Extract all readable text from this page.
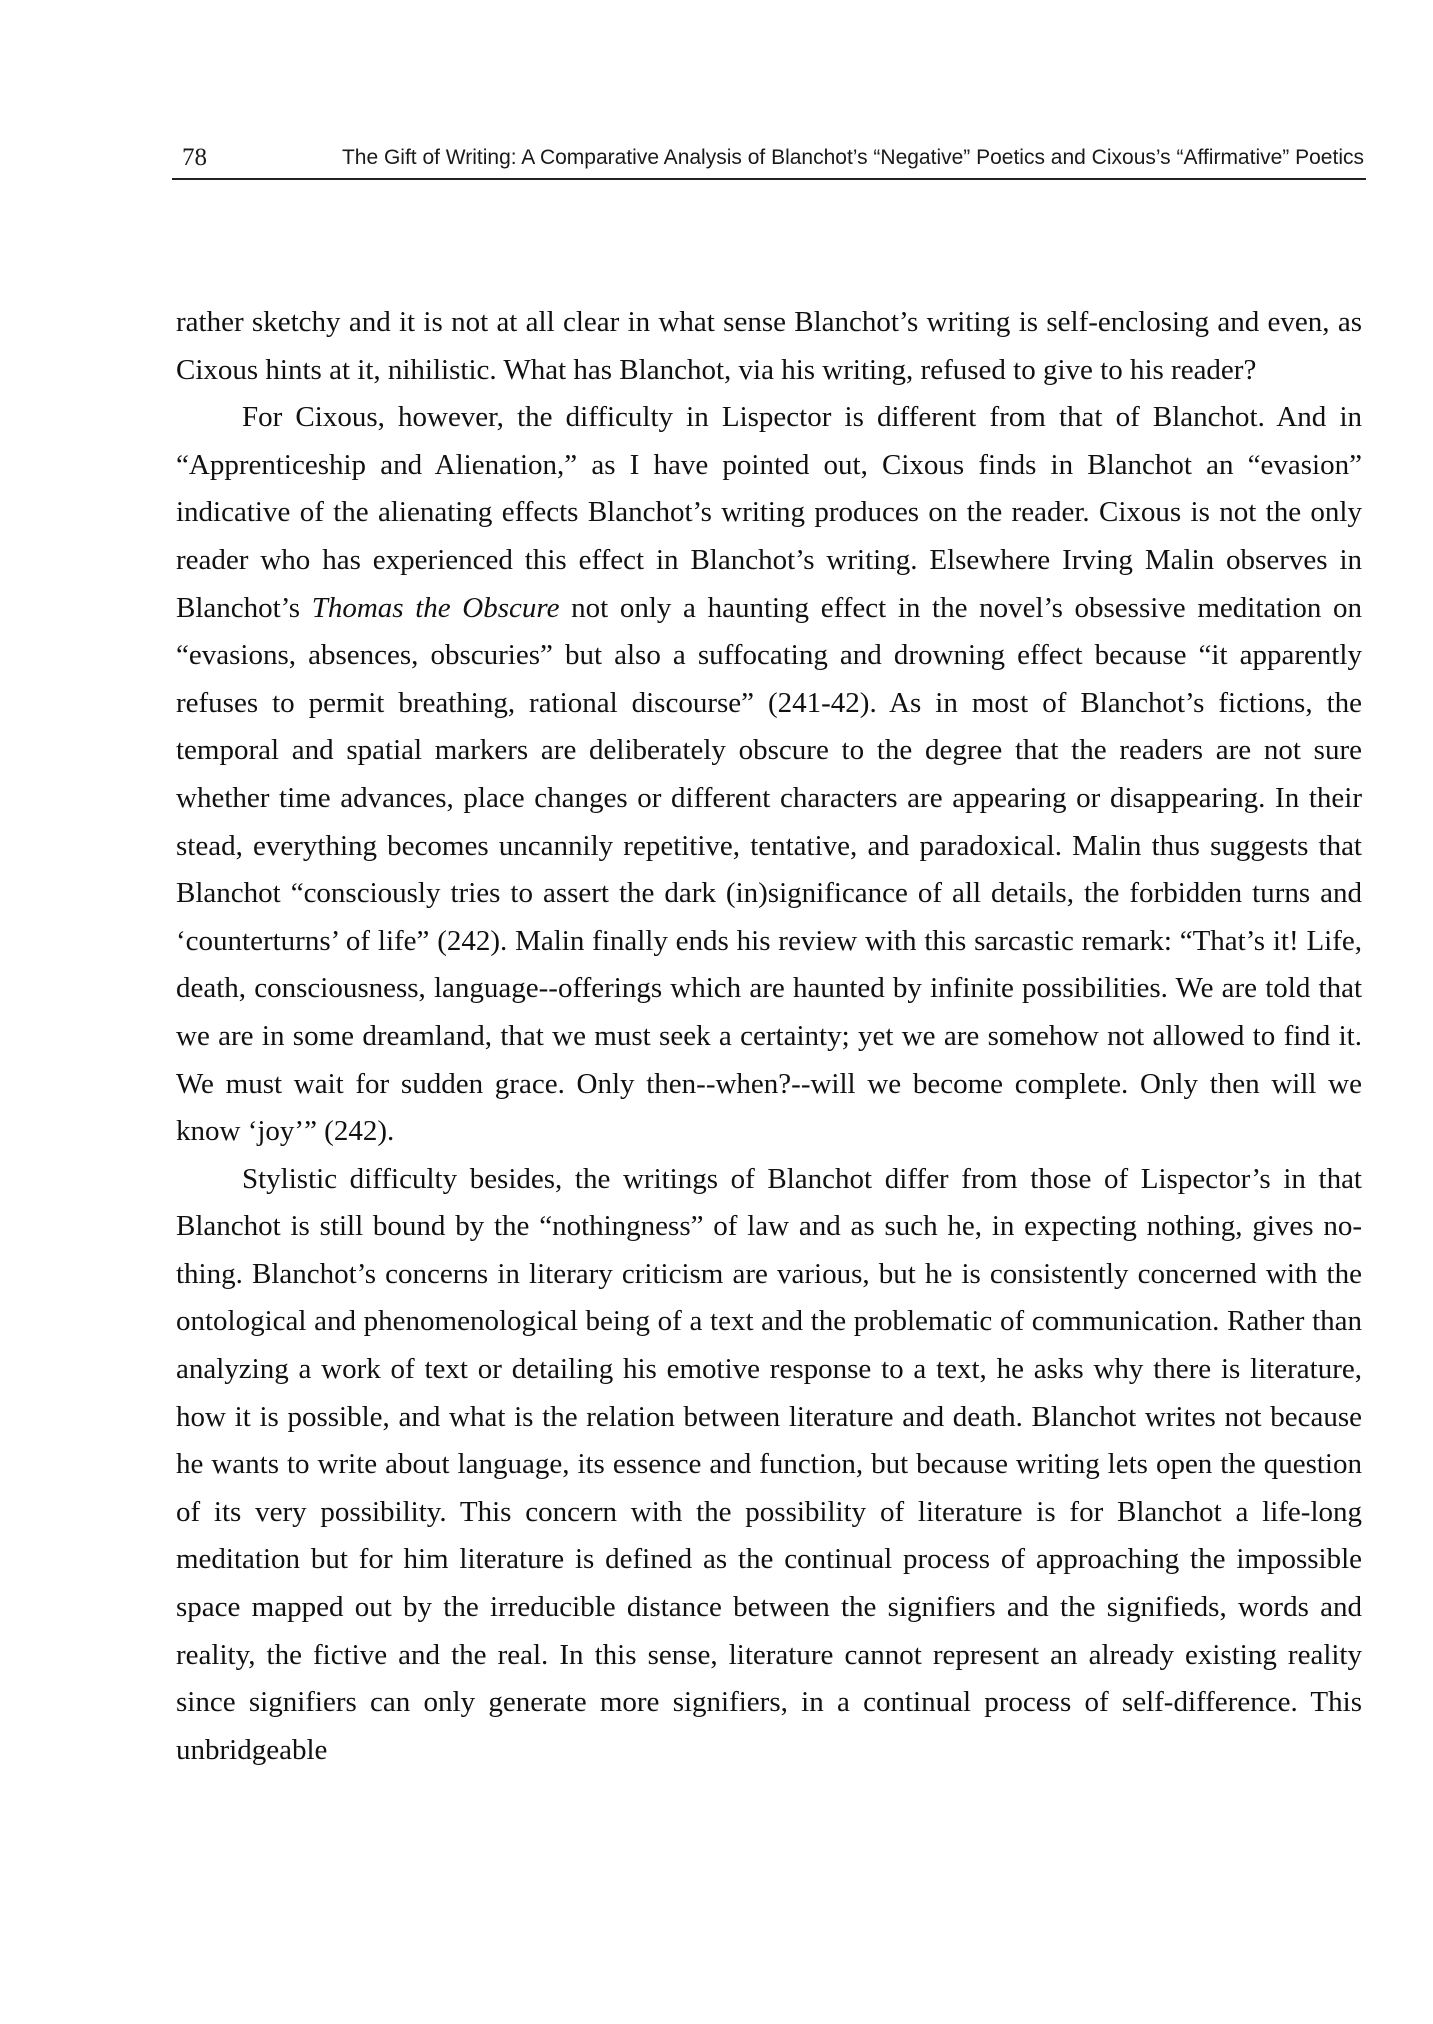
78	The Gift of Writing: A Comparative Analysis of Blanchot’s “Negative” Poetics and Cixous’s “Affirmative” Poetics

rather sketchy and it is not at all clear in what sense Blanchot’s writing is self-enclosing and even, as Cixous hints at it, nihilistic. What has Blanchot, via his writing, refused to give to his reader?

For Cixous, however, the difficulty in Lispector is different from that of Blanchot. And in “Apprenticeship and Alienation,” as I have pointed out, Cixous finds in Blanchot an “evasion” indicative of the alienating effects Blanchot’s writing produces on the reader. Cixous is not the only reader who has experienced this effect in Blanchot’s writing. Elsewhere Irving Malin observes in Blanchot’s Thomas the Obscure not only a haunting effect in the novel’s obsessive meditation on “evasions, absences, obscuries” but also a suffocating and drowning effect because “it apparently refuses to permit breathing, rational discourse” (241-42). As in most of Blanchot’s fictions, the temporal and spatial markers are deliberately obscure to the degree that the readers are not sure whether time advances, place changes or different characters are appearing or disappearing. In their stead, everything becomes uncannily repetitive, tentative, and paradoxical. Malin thus suggests that Blanchot “consciously tries to assert the dark (in)significance of all details, the forbidden turns and ‘counterturns’ of life” (242). Malin finally ends his review with this sarcastic remark: “That’s it! Life, death, consciousness, language--offerings which are haunted by infinite possibilities. We are told that we are in some dreamland, that we must seek a certainty; yet we are somehow not allowed to find it. We must wait for sudden grace. Only then--when?--will we become complete. Only then will we know ‘joy’” (242).

Stylistic difficulty besides, the writings of Blanchot differ from those of Lispector’s in that Blanchot is still bound by the “nothingness” of law and as such he, in expecting nothing, gives no-thing. Blanchot’s concerns in literary criticism are various, but he is consistently concerned with the ontological and phenomenological being of a text and the problematic of communication. Rather than analyzing a work of text or detailing his emotive response to a text, he asks why there is literature, how it is possible, and what is the relation between literature and death. Blanchot writes not because he wants to write about language, its essence and function, but because writing lets open the question of its very possibility. This concern with the possibility of literature is for Blanchot a life-long meditation but for him literature is defined as the continual process of approaching the impossible space mapped out by the irreducible distance between the signifiers and the signifieds, words and reality, the fictive and the real. In this sense, literature cannot represent an already existing reality since signifiers can only generate more signifiers, in a continual process of self-difference. This unbridgeable
